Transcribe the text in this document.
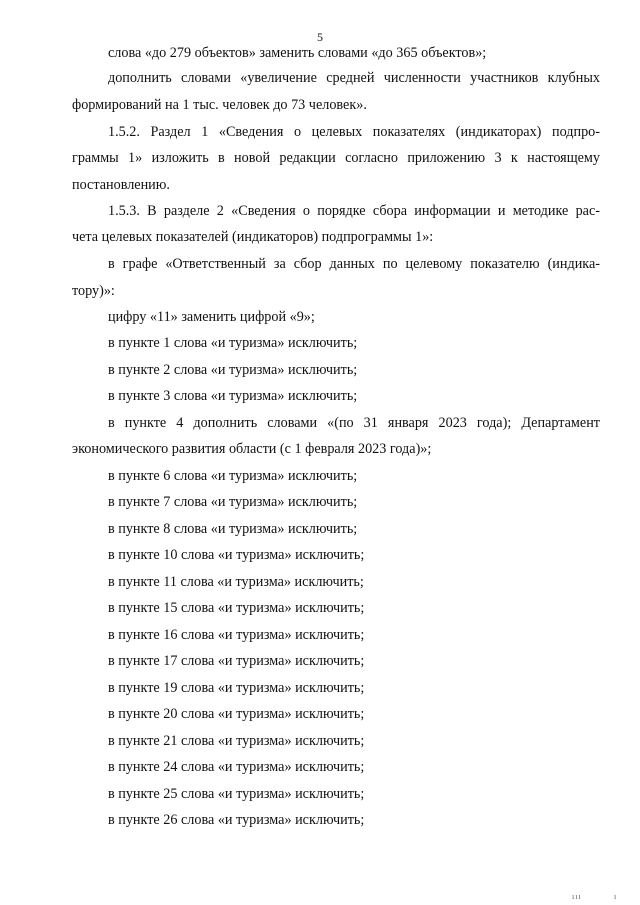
5
слова «до 279 объектов» заменить словами «до 365 объектов»;
дополнить словами «увеличение средней численности участников клубных
формирований на 1 тыс. человек до 73 человек».
1.5.2. Раздел 1 «Сведения о целевых показателях (индикаторах) подпро-
граммы 1» изложить в новой редакции согласно приложению 3 к настоящему
постановлению.
1.5.3. В разделе 2 «Сведения о порядке сбора информации и методике рас-
чета целевых показателей (индикаторов) подпрограммы 1»:
в графе «Ответственный за сбор данных по целевому показателю (индика-
тору)»:
цифру «11» заменить цифрой «9»;
в пункте 1 слова «и туризма» исключить;
в пункте 2 слова «и туризма» исключить;
в пункте 3 слова «и туризма» исключить;
в пункте 4 дополнить словами «(по 31 января 2023 года); Департамент
экономического развития области (с 1 февраля 2023 года)»;
в пункте 6 слова «и туризма» исключить;
в пункте 7 слова «и туризма» исключить;
в пункте 8 слова «и туризма» исключить;
в пункте 10 слова «и туризма» исключить;
в пункте 11 слова «и туризма» исключить;
в пункте 15 слова «и туризма» исключить;
в пункте 16 слова «и туризма» исключить;
в пункте 17 слова «и туризма» исключить;
в пункте 19 слова «и туризма» исключить;
в пункте 20 слова «и туризма» исключить;
в пункте 21 слова «и туризма» исключить;
в пункте 24 слова «и туризма» исключить;
в пункте 25 слова «и туризма» исключить;
в пункте 26 слова «и туризма» исключить;
ııı	ı
